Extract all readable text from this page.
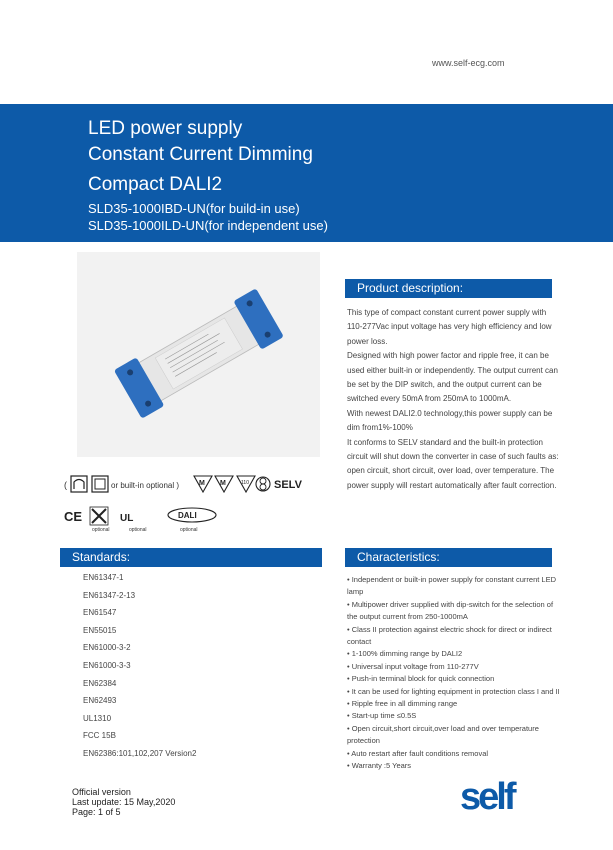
www.self-ecg.com
LED power supply
Constant Current Dimming
Compact DALI2
SLD35-1000IBD-UN(for build-in use)
SLD35-1000ILD-UN(for independent use)
(	or built-in optional )	M M	110 SELV
CE	UL	DALI
optional	optional	optional
Product description:

This type of compact constant current power supply with 110-277Vac input voltage has very high efficiency and low power loss.

Designed with high power factor and ripple free, it can be used either built-in or independently. The output current can be set by the DIP switch, and the output current can be switched every 50mA from 250mA to 1000mA.

With newest DALI2.0 technology,this power supply can be dim from1%-100%

It conforms to SELV standard and the built-in protection circuit will shut down the converter in case of such faults as: open circuit, short circuit, over load, over temperature. The power supply will restart automatically after fault correction.

Standards:
EN61347-1
EN61347-2-13
EN61547
EN55015
EN61000-3-2
EN61000-3-3
EN62384
EN62493
UL1310
FCC 15B
EN62386:101,102,207 Version2
Characteristics:
• Independent or built-in power supply for constant current LED lamp
• Multipower driver supplied with dip-switch for the selection of the output current from 250-1000mA
• Class II protection against electric shock for direct or indirect contact
• 1-100% dimming range by DALI2
• Universal input voltage from 110-277V
• Push-in terminal block for quick connection
• It can be used for lighting equipment in protection class I and II
• Ripple free in all dimming range
• Start-up time ≤0.5S
• Open circuit,short circuit,over load and over temperature protection
• Auto restart after fault conditions removal
• Warranty :5 Years
Official version
Last update: 15 May,2020
Page: 1 of 5	self
